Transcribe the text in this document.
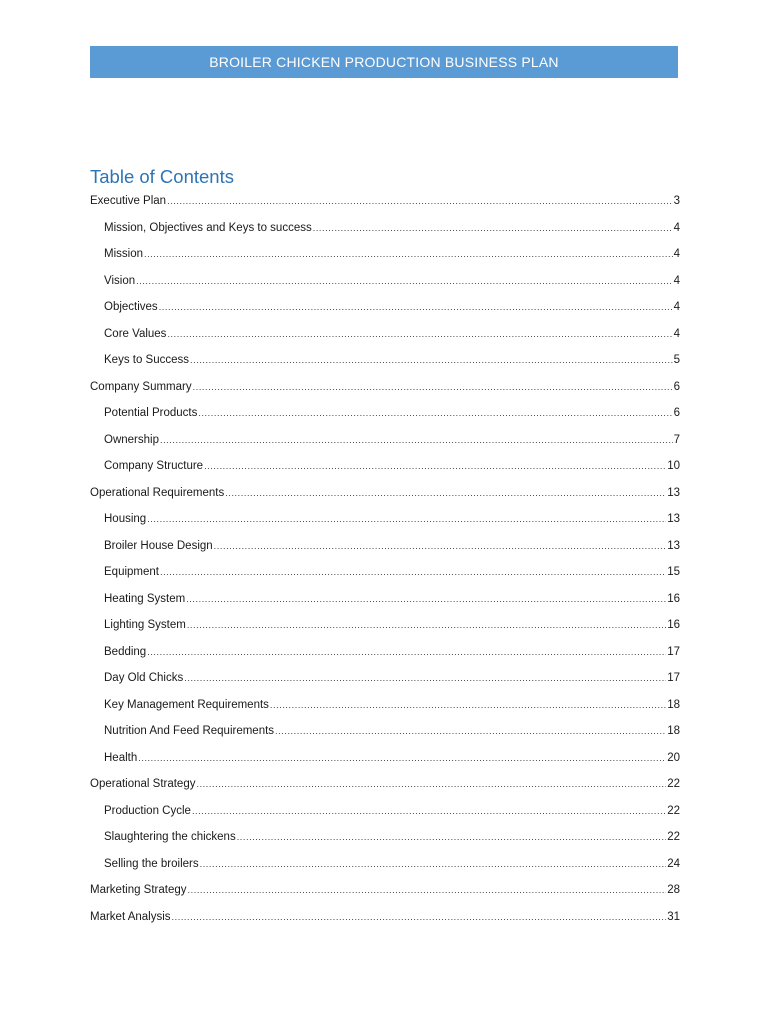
BROILER CHICKEN PRODUCTION BUSINESS PLAN
Table of Contents
Executive Plan .....	3
Mission, Objectives and Keys to success .....	4
Mission .....	4
Vision .....	4
Objectives .....	4
Core Values .....	4
Keys to Success .....	5
Company Summary .....	6
Potential Products .....	6
Ownership .....	7
Company Structure .....	10
Operational Requirements .....	13
Housing .....	13
Broiler House Design .....	13
Equipment .....	15
Heating System .....	16
Lighting System .....	16
Bedding .....	17
Day Old Chicks .....	17
Key Management Requirements .....	18
Nutrition And Feed Requirements .....	18
Health .....	20
Operational Strategy .....	22
Production Cycle .....	22
Slaughtering the chickens .....	22
Selling the broilers .....	24
Marketing Strategy .....	28
Market Analysis .....	31
